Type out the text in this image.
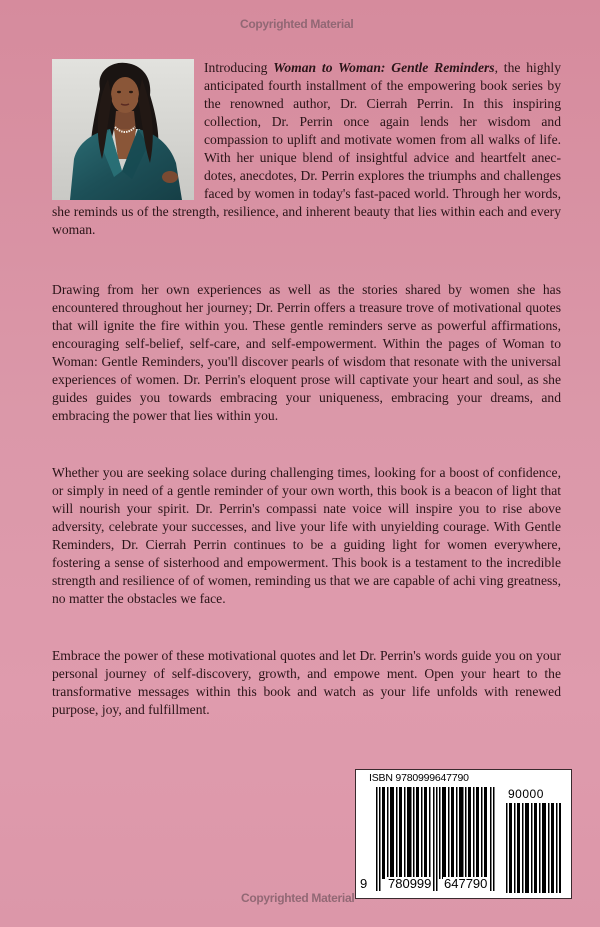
Copyrighted Material

Introducing Woman to Woman: Gentle Reminders, the highly anticipated fourth installment of the empowering book series by the renowned author, Dr. Cierrah Perrin. In this inspiring collection, Dr. Perrin once again lends her wisdom and compassion to uplift and motivate women from all walks of life. With her unique blend of insightful advice and heartfelt anecdotes, anecdotes, Dr. Perrin explores the triumphs and challenges faced by women in today's fast-paced world. Through her words, she reminds us of the strength, resilience, and inherent beauty that lies within each and every woman.

Drawing from her own experiences as well as the stories shared by women she has encountered throughout her journey; Dr. Perrin offers a treasure trove of motivational quotes that will ignite the fire within you. These gentle reminders serve as powerful affirmations, encouraging self-belief, self-care, and self-empowerment. Within the pages of Woman to Woman: Gentle Reminders, you'll discover pearls of wisdom that resonate with the universal experiences of women. Dr. Perrin's eloquent prose will captivate your heart and soul, as she guides guides you towards embracing your uniqueness, embracing your dreams, and embracing the power that lies within you.

Whether you are seeking solace during challenging times, looking for a boost of confidence, or simply in need of a gentle reminder of your own worth, this book is a beacon of light that will nourish your spirit. Dr. Perrin's compassi nate voice will inspire you to rise above adversity, celebrate your successes, and live your life with unyielding courage. With Gentle Reminders, Dr. Cierrah Perrin continues to be a guiding light for women everywhere, fostering a sense of sisterhood and empowerment. This book is a testament to the incredible strength and resilience of of women, reminding us that we are capable of achi ving greatness, no matter the obstacles we face.

Embrace the power of these motivational quotes and let Dr. Perrin's words guide you on your personal journey of self-discovery, growth, and empowe ment. Open your heart to the transformative messages within this book and watch as your life unfolds with renewed purpose, joy, and fulfillment.

ISBN 9780999647790
90000
9 780999 647790
Copyrighted Material
